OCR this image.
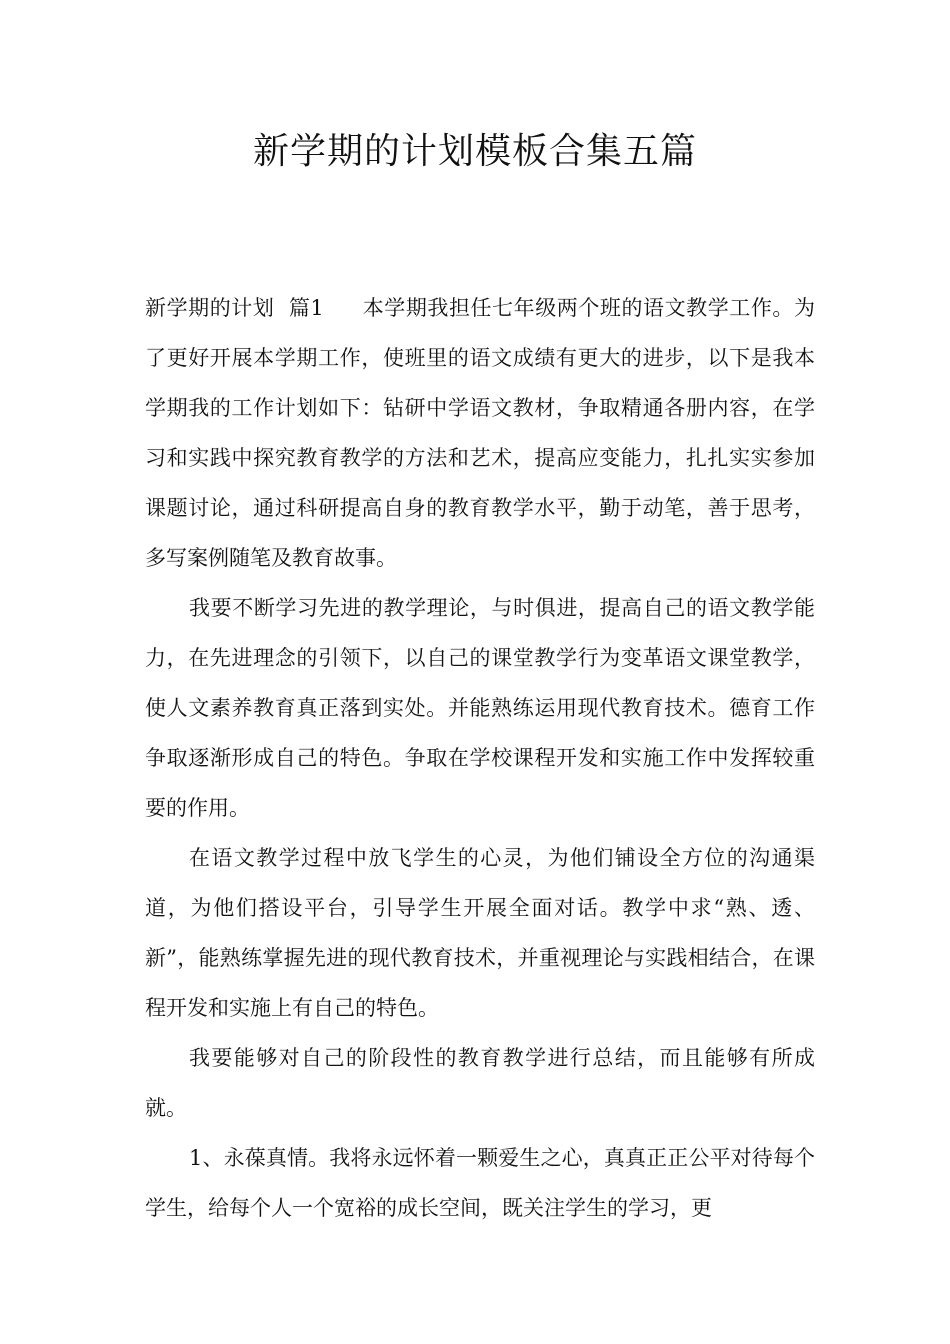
新学期的计划模板合集五篇

新学期的计划  篇1 本学期我担任七年级两个班的语文教学工作。为了更好开展本学期工作，使班里的语文成绩有更大的进步，以下是我本学期我的工作计划如下：钻研中学语文教材，争取精通各册内容，在学习和实践中探究教育教学的方法和艺术，提高应变能力，扎扎实实参加课题讨论，通过科研提高自身的教育教学水平，勤于动笔，善于思考，多写案例随笔及教育故事。

我要不断学习先进的教学理论，与时俱进，提高自己的语文教学能力，在先进理念的引领下，以自己的课堂教学行为变革语文课堂教学，使人文素养教育真正落到实处。并能熟练运用现代教育技术。德育工作争取逐渐形成自己的特色。争取在学校课程开发和实施工作中发挥较重要的作用。

在语文教学过程中放飞学生的心灵，为他们铺设全方位的沟通渠道，为他们搭设平台，引导学生开展全面对话。教学中求“熟、透、新”，能熟练掌握先进的现代教育技术，并重视理论与实践相结合，在课程开发和实施上有自己的特色。

我要能够对自己的阶段性的教育教学进行总结，而且能够有所成就。

1、永葆真情。我将永远怀着一颗爱生之心，真真正正公平对待每个学生，给每个人一个宽裕的成长空间，既关注学生的学习，更
